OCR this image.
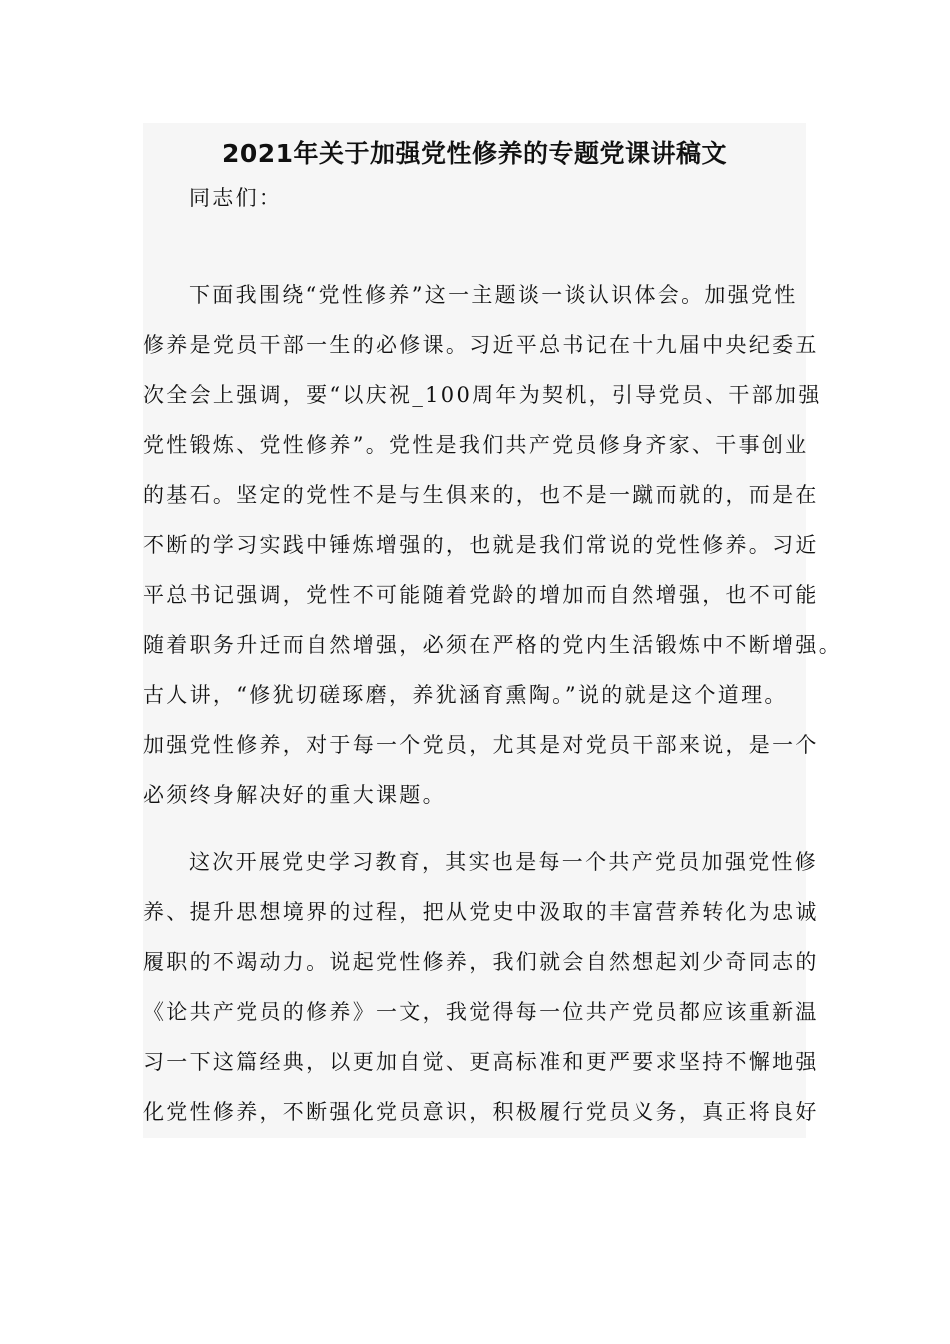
2021年关于加强党性修养的专题党课讲稿文
同志们：
下面我围绕“党性修养”这一主题谈一谈认识体会。加强党性
修养是党员干部一生的必修课。习近平总书记在十九届中央纪委五
次全会上强调，要“以庆祝_100周年为契机，引导党员、干部加强
党性锻炼、党性修养”。党性是我们共产党员修身齐家、干事创业
的基石。坚定的党性不是与生俱来的，也不是一蹴而就的，而是在
不断的学习实践中锤炼增强的，也就是我们常说的党性修养。习近
平总书记强调，党性不可能随着党龄的增加而自然增强，也不可能
随着职务升迁而自然增强，必须在严格的党内生活锻炼中不断增强。
古人讲，“修犹切磋琢磨，养犹涵育熏陶。”说的就是这个道理。
加强党性修养，对于每一个党员，尤其是对党员干部来说，是一个
必须终身解决好的重大课题。
这次开展党史学习教育，其实也是每一个共产党员加强党性修
养、提升思想境界的过程，把从党史中汲取的丰富营养转化为忠诚
履职的不竭动力。说起党性修养，我们就会自然想起刘少奇同志的
《论共产党员的修养》一文，我觉得每一位共产党员都应该重新温
习一下这篇经典，以更加自觉、更高标准和更严要求坚持不懈地强
化党性修养，不断强化党员意识，积极履行党员义务，真正将良好
